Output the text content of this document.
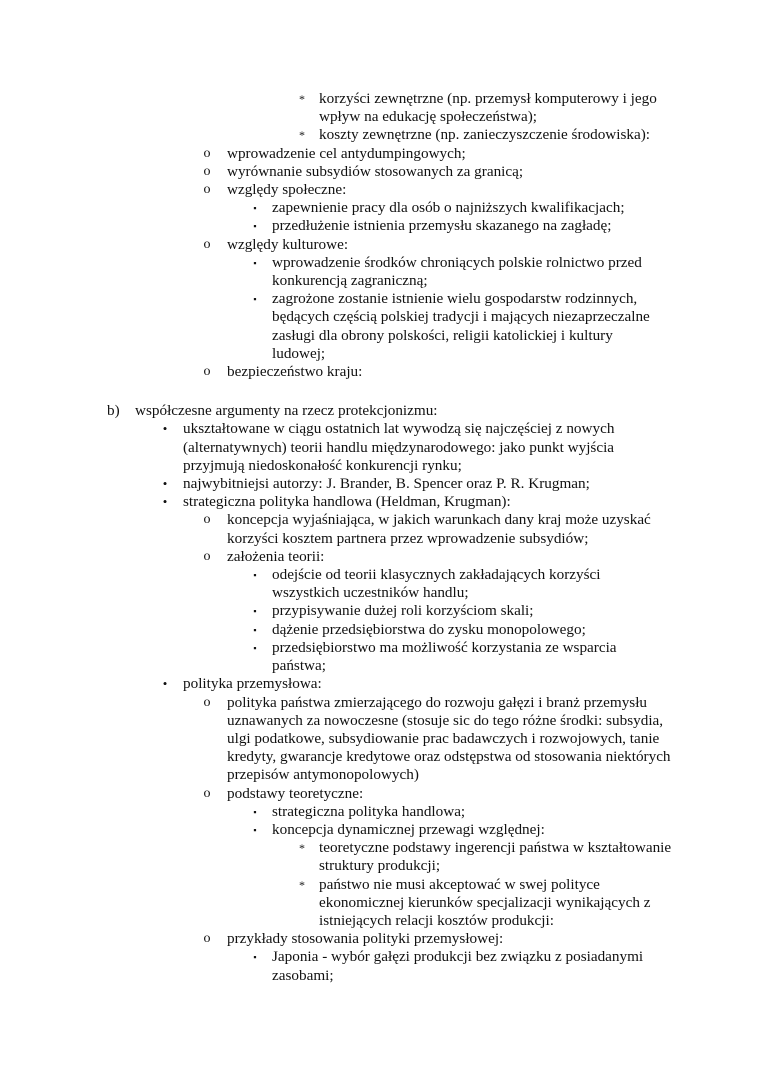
* korzyści zewnętrzne (np. przemysł komputerowy i jego wpływ na edukację społeczeństwa);
* koszty zewnętrzne (np. zanieczyszczenie środowiska):
o	wprowadzenie cel antydumpingowych;
o	wyrównanie subsydiów stosowanych za granicą;
o	względy społeczne:
▪	zapewnienie pracy dla osób o najniższych kwalifikacjach;
▪	przedłużenie istnienia przemysłu skazanego na zagładę;
o	względy kulturowe:
▪	wprowadzenie środków chroniących polskie rolnictwo przed konkurencją zagraniczną;
▪	zagrożone zostanie istnienie wielu gospodarstw rodzinnych, będących częścią polskiej tradycji i mających niezaprzeczalne zasługi dla obrony polskości, religii katolickiej i kultury ludowej;
o	bezpieczeństwo kraju:
b)	współczesne argumenty na rzecz protekcjonizmu:
•	ukształtowane w ciągu ostatnich lat wywodzą się najczęściej z nowych (alternatywnych) teorii handlu międzynarodowego: jako punkt wyjścia przyjmują niedoskonałość konkurencji rynku;
•	najwybitniejsi autorzy: J. Brander, B. Spencer oraz P. R. Krugman;
•	strategiczna polityka handlowa (Heldman, Krugman):
o	koncepcja wyjaśniająca, w jakich warunkach dany kraj może uzyskać korzyści kosztem partnera przez wprowadzenie subsydiów;
o	założenia teorii:
▪	odejście od teorii klasycznych zakładających korzyści wszystkich uczestników handlu;
▪	przypisywanie dużej roli korzyściom skali;
▪	dążenie przedsiębiorstwa do zysku monopolowego;
▪	przedsiębiorstwo ma możliwość korzystania ze wsparcia państwa;
•	polityka przemysłowa:
o	polityka państwa zmierzającego do rozwoju gałęzi i branż przemysłu uznawanych za nowoczesne (stosuje sic do tego różne środki: subsydia, ulgi podatkowe, subsydiowanie prac badawczych i rozwojowych, tanie kredyty, gwarancje kredytowe oraz odstępstwa od stosowania niektórych przepisów antymonopolowych)
o	podstawy teoretyczne:
▪	strategiczna polityka handlowa;
▪	koncepcja dynamicznej przewagi względnej:
* teoretyczne podstawy ingerencji państwa w kształtowanie struktury produkcji;
* państwo nie musi akceptować w swej polityce ekonomicznej kierunków specjalizacji wynikających z istniejących relacji kosztów produkcji:
o	przykłady stosowania polityki przemysłowej:
▪	Japonia - wybór gałęzi produkcji bez związku z posiadanymi zasobami;
